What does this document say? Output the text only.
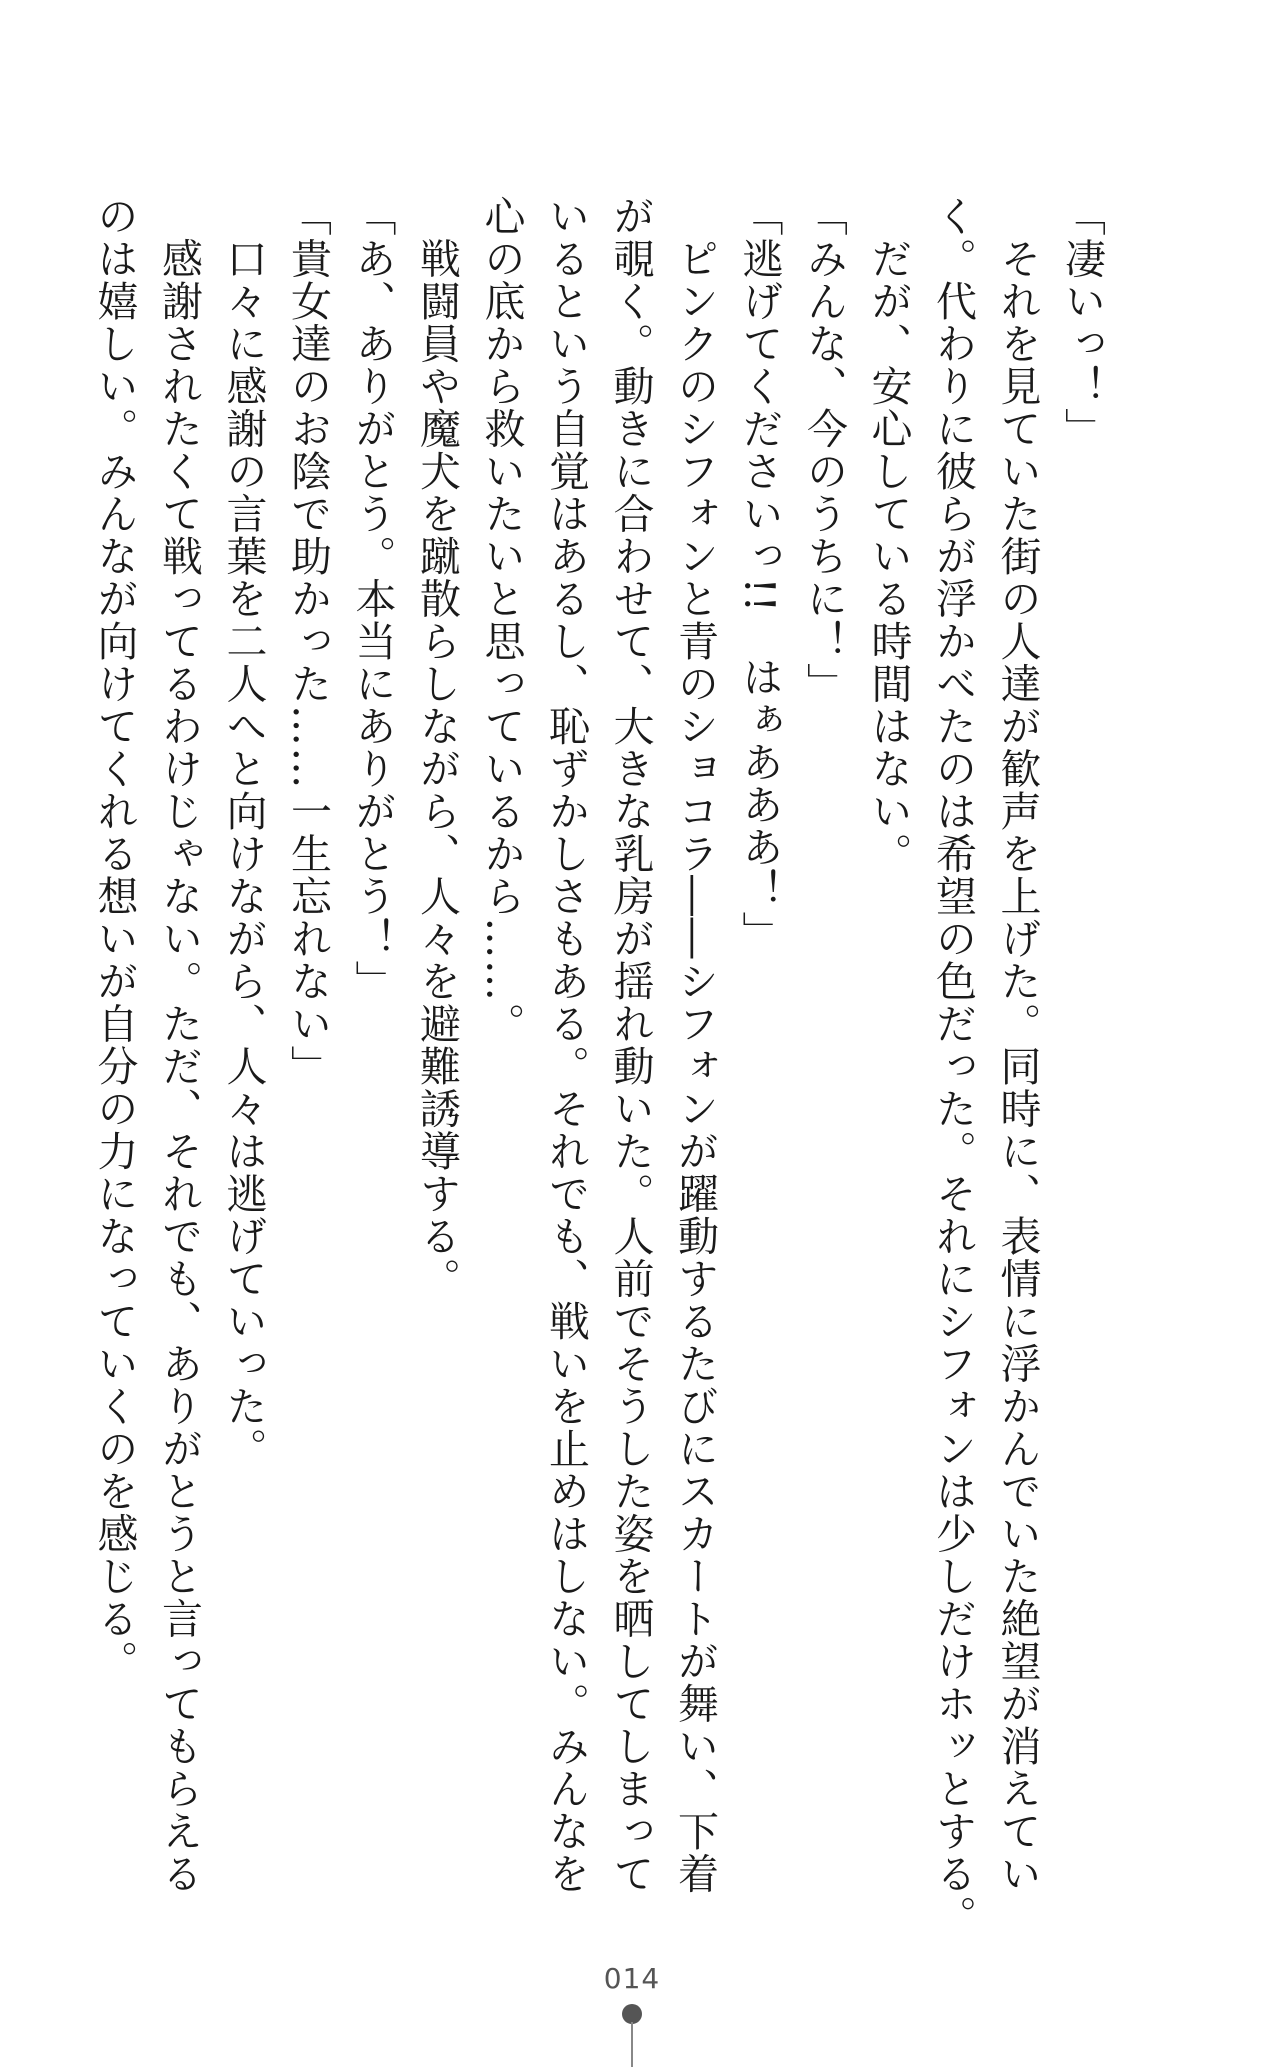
「凄いっ！」
　それを見ていた街の人達が歓声を上げた。同時に、表情に浮かんでいた絶望が消えてい
く。代わりに彼らが浮かべたのは希望の色だった。それにシフォンは少しだけホッとする。
　だが、安心している時間はない。
「みんな、今のうちに！」
「逃げてくださいっ!!　はぁあああ！」
　ピンクのシフォンと青のショコラ――シフォンが躍動するたびにスカートが舞い、下着
が覗く。動きに合わせて、大きな乳房が揺れ動いた。人前でそうした姿を晒してしまって
いるという自覚はあるし、恥ずかしさもある。それでも、戦いを止めはしない。みんなを
心の底から救いたいと思っているから……。
　戦闘員や魔犬を蹴散らしながら、人々を避難誘導する。
「あ、ありがとう。本当にありがとう！」
「貴女達のお陰で助かった……一生忘れない」
　口々に感謝の言葉を二人へと向けながら、人々は逃げていった。
　感謝されたくて戦ってるわけじゃない。ただ、それでも、ありがとうと言ってもらえる
のは嬉しい。みんなが向けてくれる想いが自分の力になっていくのを感じる。
014
